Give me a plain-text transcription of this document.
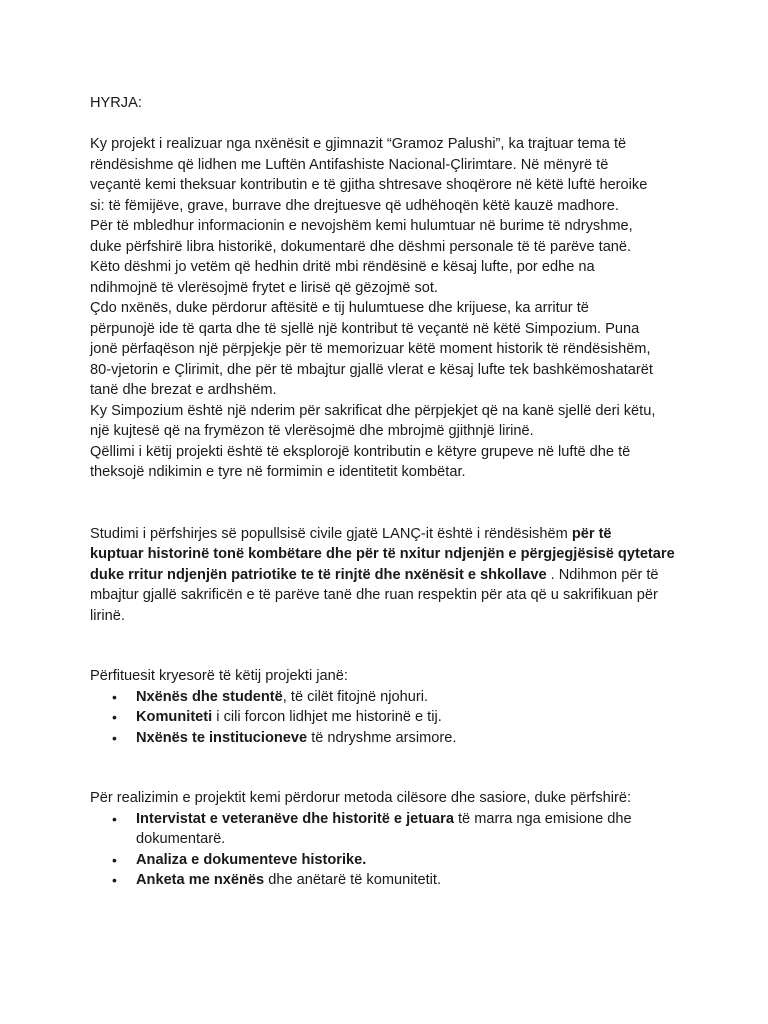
HYRJA:

Ky projekt i realizuar nga nxënësit e gjimnazit “Gramoz Palushi”, ka trajtuar tema të
rëndësishme që lidhen me Luftën Antifashiste Nacional-Çlirimtare. Në mënyrë të
veçantë kemi theksuar kontributin e të gjitha shtresave shoqërore në këtë luftë heroike
si: të fëmijëve, grave, burrave dhe drejtuesve që udhëhoqën këtë kauzë madhore.
Për të mbledhur informacionin e nevojshëm kemi hulumtuar në burime të ndryshme,
duke përfshirë libra historikë, dokumentarë dhe dëshmi personale të të parëve tanë.
Këto dëshmi jo vetëm që hedhin dritë mbi rëndësinë e kësaj lufte, por edhe na
ndihmojnë të vlerësojmë frytet e lirisë që gëzojmë sot.
Çdo nxënës, duke përdorur aftësitë e tij hulumtuese dhe krijuese, ka arritur të
përpunojë ide të qarta dhe të sjellë një kontribut të veçantë në këtë Simpozium. Puna
jonë përfaqëson një përpjekje për të memorizuar këtë moment historik të rëndësishëm,
80-vjetorin e Çlirimit, dhe për të mbajtur gjallë vlerat e kësaj lufte tek bashkëmoshatarët
tanë dhe brezat e ardhshëm.
Ky Simpozium është një nderim për sakrificat dhe përpjekjet që na kanë sjellë deri këtu,
një kujtesë që na frymëzon të vlerësojmë dhe mbrojmë gjithnjë lirinë.
Qëllimi i këtij projekti është të eksplorojë kontributin e këtyre grupeve në luftë dhe të
theksojë ndikimin e tyre në formimin e identitetit kombëtar.
Studimi i përfshirjes së popullsisë civile gjatë LANÇ-it është i rëndësishëm për të
kuptuar historinë tonë kombëtare dhe për të nxitur ndjenjën e përgjegjësisë qytetare
duke rritur ndjenjën patriotike te të rinjtë dhe nxënësit e shkollave . Ndihmon për të
mbajtur gjallë sakrificën e të parëve tanë dhe ruan respektin për ata që u sakrifikuan për
lirinë.
Përfituesit kryesorë të këtij projekti janë:
• Nxënës dhe studentë, të cilët fitojnë njohuri.
• Komuniteti i cili forcon lidhjet me historinë e tij.
• Nxënës te institucioneve të ndryshme arsimore.
Për realizimin e projektit kemi përdorur metoda cilësore dhe sasiore, duke përfshirë:
• Intervistat e veteranëve dhe historitë e jetuara të marra nga emisione dhe
dokumentarë.
• Analiza e dokumenteve historike.
• Anketa me nxënës dhe anëtarë të komunitetit.
